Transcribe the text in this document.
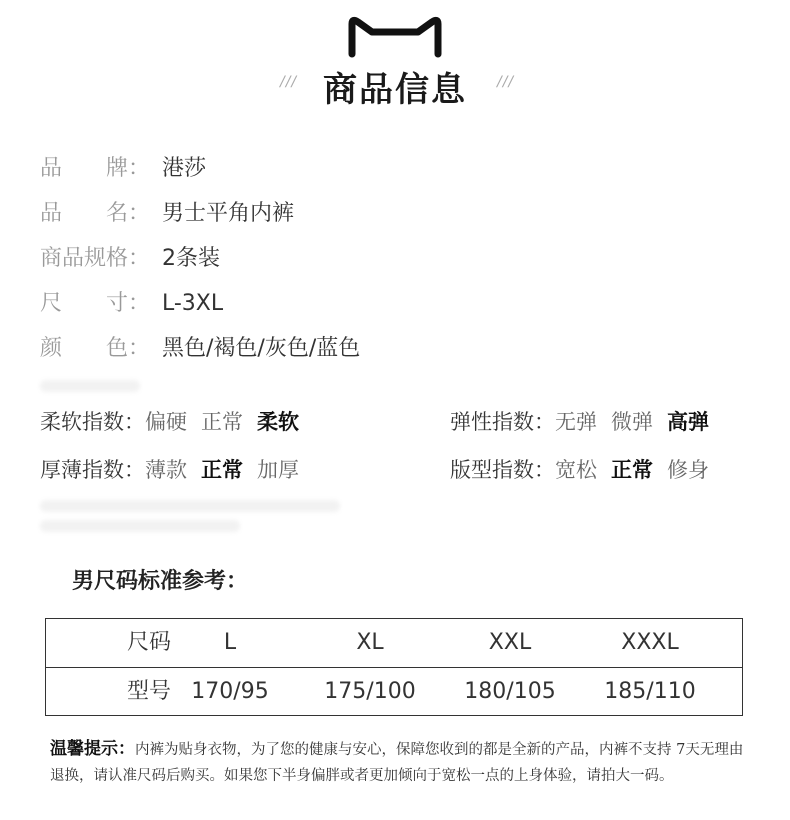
/// 商品信息	///
品　　牌： 港莎
品　　名： 男士平角内裤
商品规格： 2条装
尺　　寸： L-3XL
颜　　色： 黑色/褐色/灰色/蓝色
柔软指数：偏硬 正常 柔软	弹性指数：无弹 微弹 高弹
厚薄指数：薄款 正常 加厚	版型指数：宽松 正常 修身
男尺码标准参考：
尺码	L	XL	XXL	XXXL
型号 170/95	175/100	180/105	185/110
温馨提示：内裤为贴身衣物，为了您的健康与安心，保障您收到的都是全新的产品，内裤不支持 7天无理由退换，请认准尺码后购买。如果您下半身偏胖或者更加倾向于宽松一点的上身体验，请拍大一码。
